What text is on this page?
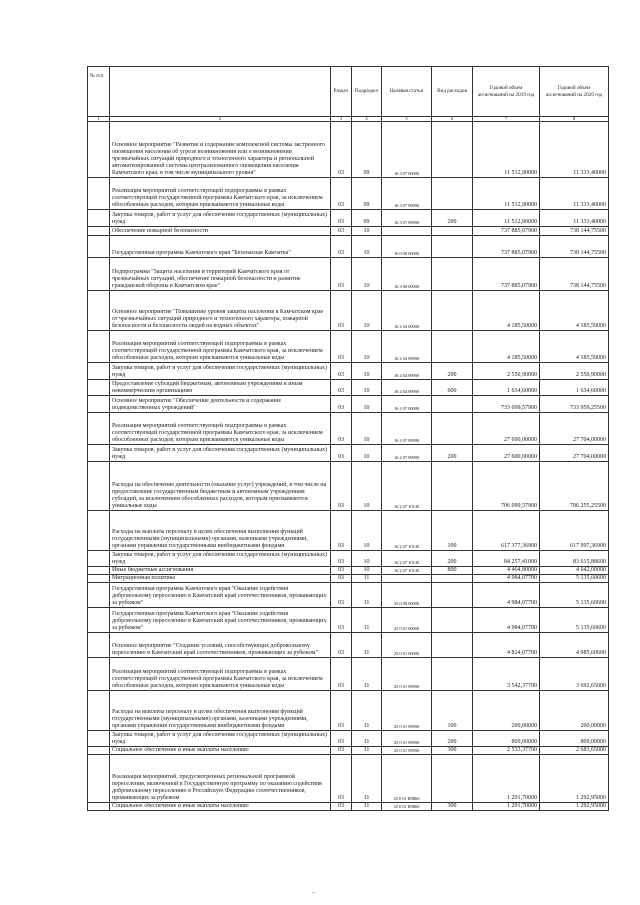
№ п/п		Раздел	Подраздел	Целевая статья	Вид расходов	Годовой объем ассигнований на 2019 год	Годовой объем ассигнований на 2020 год
1	2	3	4	5	6	7	8
	Основное мероприятие "Развитие и содержание комплексной системы экстренного оповещения населения об угрозе возникновения или о возникновении чрезвычайных ситуаций природного и техногенного характера и региональной автоматизированной системы централизованного оповещения населения Камчатского края, в том числе муниципального уровня"	03	09	16 3 07 00000		11 512,90000	11 333,40000
	Реализация мероприятий соответствующей подпрограммы в рамках соответствующей государственной программы Камчатского края, за исключением обособленных расходов, которым присваиваются уникальные коды	03	09	16 3 07 09990		11 512,90000	11 333,40000
	Закупка товаров, работ и услуг для обеспечения государственных (муниципальных) нужд	03	09	16 3 07 09990	200	11 512,90000	11 333,40000
	Обеспечение пожарной безопасности	03	10			737 885,07900	738 144,75500
	Государственная программа Камчатского края "Безопасная Камчатка"	03	10	16 0 00 00000		737 885,07900	738 144,75500
	Подпрограмма "Защита населения и территорий Камчатского края от чрезвычайных ситуаций, обеспечение пожарной безопасности и развитие гражданской обороны в Камчатском крае"	03	10	16 3 00 00000		737 885,07900	738 144,75500
	Основное мероприятие "Повышение уровня защиты населения в Камчатском крае от чрезвычайных ситуаций природного и техногенного характера, пожарной безопасности и безопасности людей на водных объектах"	03	10	16 2 04 00000		4 185,50000	4 185,50000
	Реализация мероприятий соответствующей подпрограммы в рамках соответствующей государственной программы Камчатского края, за исключением обособленных расходов, которым присваиваются уникальные коды	03	10	16 2 04 09990		4 185,50000	4 185,50000
	Закупка товаров, работ и услуг для обеспечения государственных (муниципальных) нужд	03	10	16 2 04 09990	200	2 550,90000	2 550,90000
	Предоставление субсидий бюджетным, автономным учреждениям и иным некоммерческим организациям	03	10	16 2 04 09990	600	1 634,60000	1 634,60000
	Основное мероприятие "Обеспечение деятельности и содержание подведомственных учреждений"	03	10	16 2 07 00000		733 699,57900	733 959,25500
	Реализация мероприятий соответствующей подпрограммы в рамках соответствующей государственной программы Камчатского края, за исключением обособленных расходов, которым присваиваются уникальные коды	03	10	16 2 07 09990		27 600,00000	27 704,00000
	Закупка товаров, работ и услуг для обеспечения государственных (муниципальных) нужд	03	10	16 2 07 09990	200	27 600,00000	27 704,00000
	Расходы на обеспечение деятельности (оказание услуг) учреждений, в том числе на предоставление государственным бюджетным и автономным учреждениям субсидий, за исключением обособленных расходов, которым присваиваются уникальные коды	03	10	16 2 07 10140		706 099,57900	706 255,25500
	Расходы на выплаты персоналу в целях обеспечения выполнения функций государственными (муниципальными) органами, казенными учреждениями, органами управления государственными внебюджетными фондами	03	10	16 2 07 10140	100	617 377,36900	617 997,36900
	Закупка товаров, работ и услуг для обеспечения государственных (муниципальных) нужд	03	10	16 2 07 10140	200	84 257,41000	83 615,88600
	Иные бюджетные ассигнования	03	10	16 2 07 10140	800	4 464,80000	4 642,00000
	Миграционная политика	03	11			4 984,07700	5 135,60600
	Государственная программа Камчатского края "Оказание содействия добровольному переселению в Камчатский край соотечественников, проживающих за рубежом"	03	11	25 0 00 00000		4 984,07700	5 135,60600
	Государственная программа Камчатского края "Оказание содействия добровольному переселению в Камчатский край соотечественников, проживающих за рубежом"	03	11	25 0 01 00000		4 984,07700	5 135,60600
	Основное мероприятие "Создание условий, способствующих добровольному переселению в Камчатский край соотечественников, проживающих за рубежом"	03	11	25 0 01 00000		4 824,07700	4 985,60600
	Реализация мероприятий соответствующей подпрограммы в рамках соответствующей государственной программы Камчатского края, за исключением обособленных расходов, которым присваиваются уникальные коды	03	11	25 0 01 09990		3 542,37700	3 692,65000
	Расходы на выплаты персоналу в целях обеспечения выполнения функций государственными (муниципальными) органами, казенными учреждениями, органами управления государственными внебюджетными фондами	03	11	25 0 01 09990	100	200,00000	200,00000
	Закупка товаров, работ и услуг для обеспечения государственных (муниципальных) нужд	03	11	25 0 01 09990	200	809,00000	809,00000
	Социальное обеспечение и иные выплаты населению	03	11	25 0 01 09990	300	2 533,37700	2 683,65000
	Реализация мероприятий, предусмотренных региональной программой переселения, включенной в Государственную программу по оказанию содействия добровольному переселению в Российскую Федерацию соотечественников, проживающих за рубежом	03	11	25 0 01 R0860		1 291,70000	1 292,95000
	Социальное обеспечение и иные выплаты населению	03	11	25 0 01 R0860	300	1 291,70000	1 292,95000
--
